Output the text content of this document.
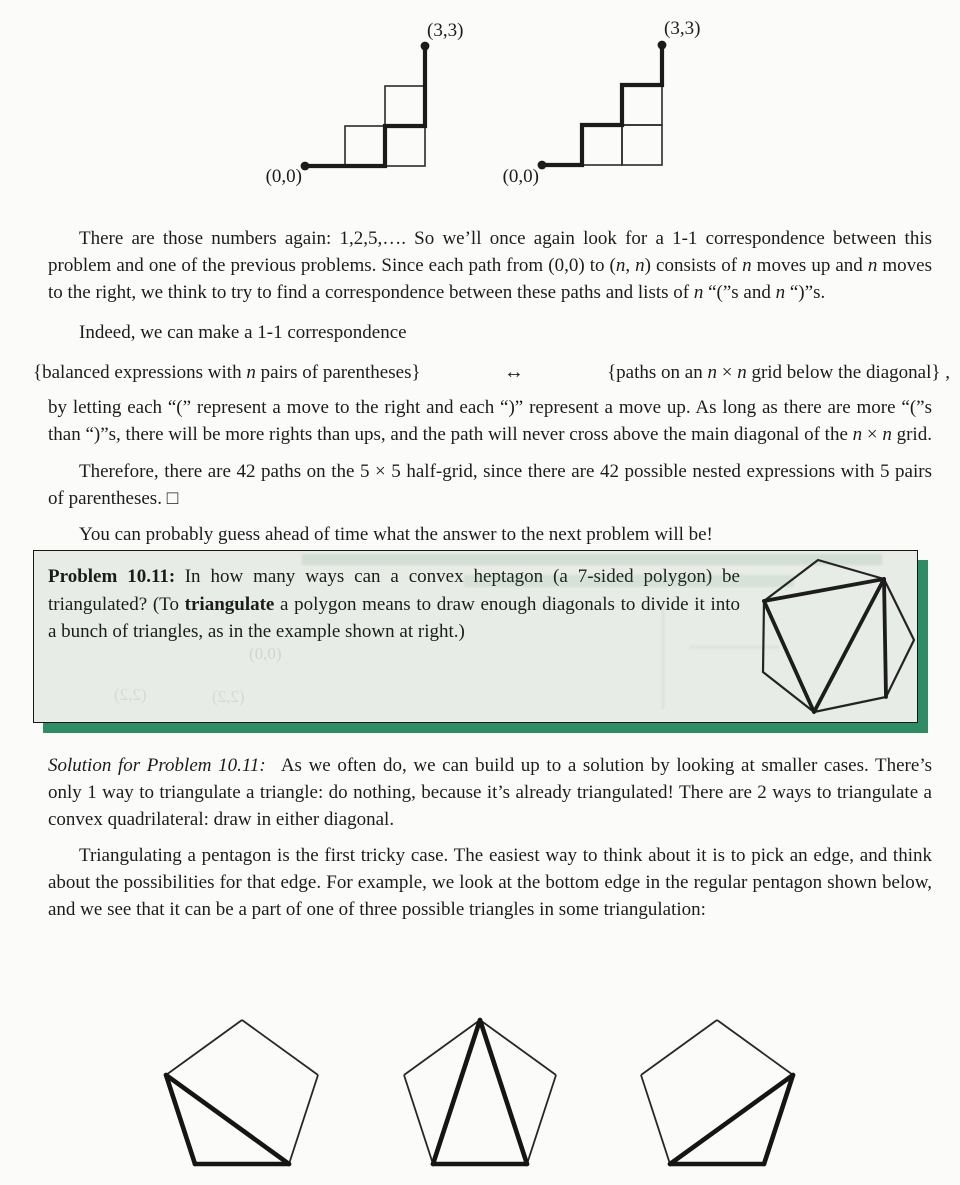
(3,3)
(0,0)
(3,3)
(0,0)

There are those numbers again: 1,2,5,…. So we’ll once again look for a 1-1 correspondence between this problem and one of the previous problems. Since each path from (0,0) to (n, n) consists of n moves up and n moves to the right, we think to try to find a correspondence between these paths and lists of n “(”s and n “)”s.

Indeed, we can make a 1-1 correspondence

{balanced expressions with n pairs of parentheses}	↔	{paths on an n × n grid below the diagonal} ,

by letting each “(” represent a move to the right and each “)” represent a move up. As long as there are more “(”s than “)”s, there will be more rights than ups, and the path will never cross above the main diagonal of the n × n grid.

Therefore, there are 42 paths on the 5 × 5 half-grid, since there are 42 possible nested expressions with 5 pairs of parentheses. □

You can probably guess ahead of time what the answer to the next problem will be!

Problem 10.11: In how many ways can a convex heptagon (a 7-sided polygon) be triangulated? (To triangulate a polygon means to draw enough diagonals to divide it into a bunch of triangles, as in the example shown at right.)
(0,0)
(2,2)	(2,2)

Solution for Problem 10.11:  As we often do, we can build up to a solution by looking at smaller cases. There’s only 1 way to triangulate a triangle: do nothing, because it’s already triangulated! There are 2 ways to triangulate a convex quadrilateral: draw in either diagonal.

Triangulating a pentagon is the first tricky case. The easiest way to think about it is to pick an edge, and think about the possibilities for that edge. For example, we look at the bottom edge in the regular pentagon shown below, and we see that it can be a part of one of three possible triangles in some triangulation:
